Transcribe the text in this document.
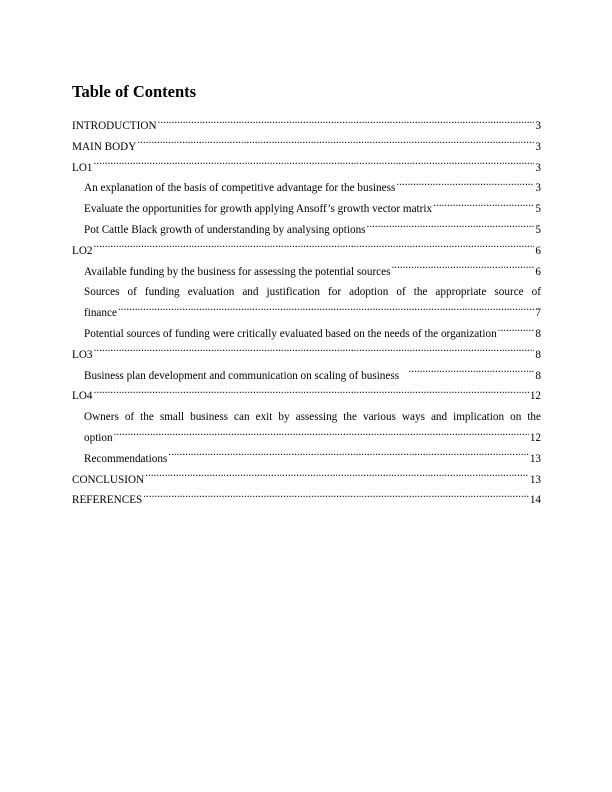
Table of Contents
INTRODUCTION .....	3
MAIN BODY .....	3
LO1 .....	3
An explanation of the basis of competitive advantage for the business .....	3
Evaluate the opportunities for growth applying Ansoff’s growth vector matrix .....	5
Pot Cattle Black growth of understanding by analysing options .....	5
LO2 .....	6
Available funding by the business for assessing the potential sources .....	6
Sources of funding evaluation and justification for adoption of the appropriate source of
finance .....	7
Potential sources of funding were critically evaluated based on the needs of the organization .....	8
LO3 .....	8
Business plan development and communication on scaling of business .....	8
LO4 .....	12
Owners of the small business can exit by assessing the various ways and implication on the
option .....	12
Recommendations .....	13
CONCLUSION .....	13
REFERENCES .....	14
